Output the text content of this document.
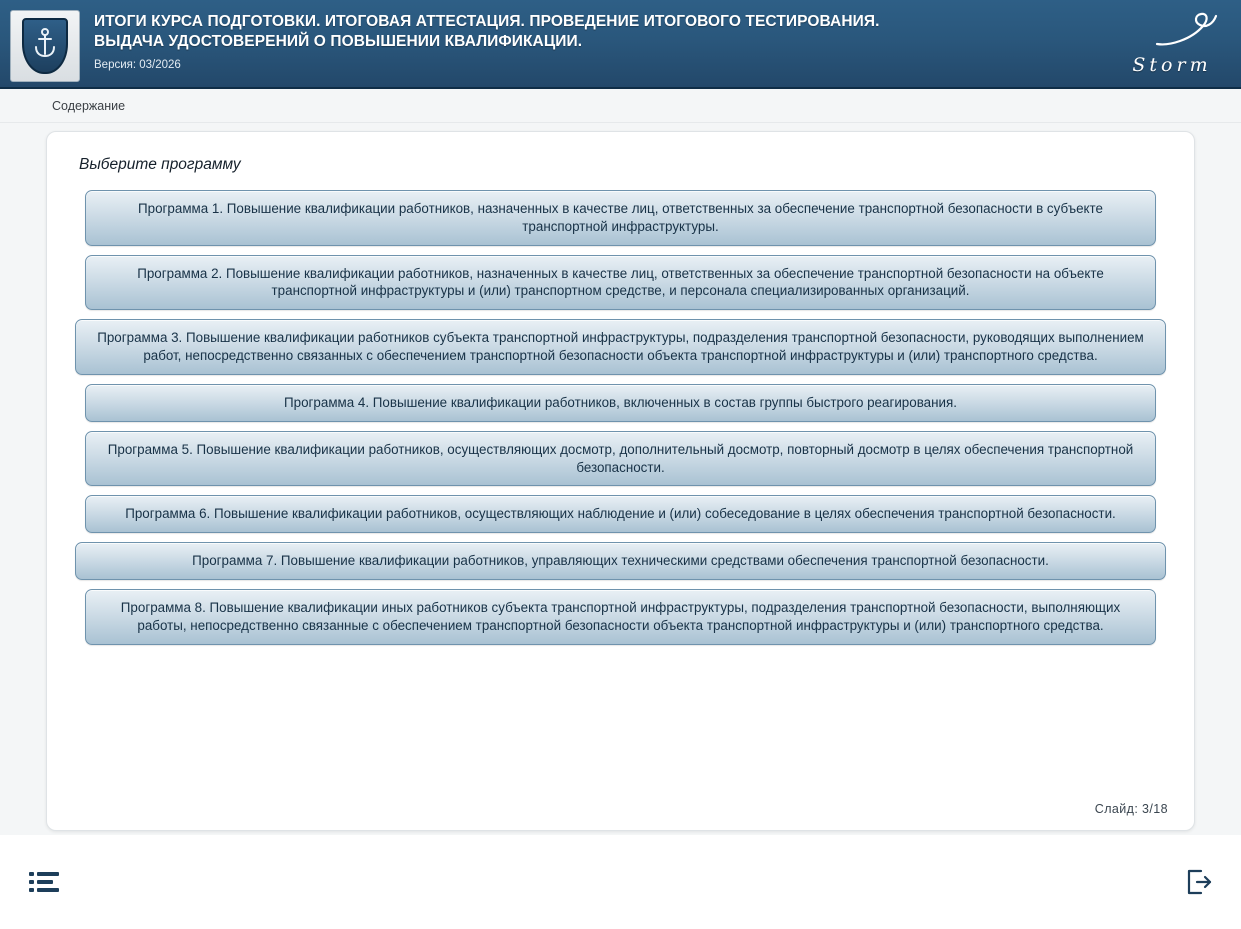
ИТОГИ КУРСА ПОДГОТОВКИ. ИТОГОВАЯ АТТЕСТАЦИЯ. ПРОВЕДЕНИЕ ИТОГОВОГО ТЕСТИРОВАНИЯ.
ВЫДАЧА УДОСТОВЕРЕНИЙ О ПОВЫШЕНИИ КВАЛИФИКАЦИИ.
Версия: 03/2026	Storm
Содержание
Выберите программу
Программа 1. Повышение квалификации работников, назначенных в качестве лиц, ответственных за обеспечение транспортной безопасности в субъекте транспортной инфраструктуры.
Программа 2. Повышение квалификации работников, назначенных в качестве лиц, ответственных за обеспечение транспортной безопасности на объекте транспортной инфраструктуры и (или) транспортном средстве, и персонала специализированных организаций.
Программа 3. Повышение квалификации работников субъекта транспортной инфраструктуры, подразделения транспортной безопасности, руководящих выполнением работ, непосредственно связанных с обеспечением транспортной безопасности объекта транспортной инфраструктуры и (или) транспортного средства.
Программа 4. Повышение квалификации работников, включенных в состав группы быстрого реагирования.
Программа 5. Повышение квалификации работников, осуществляющих досмотр, дополнительный досмотр, повторный досмотр в целях обеспечения транспортной безопасности.
Программа 6. Повышение квалификации работников, осуществляющих наблюдение и (или) собеседование в целях обеспечения транспортной безопасности.
Программа 7. Повышение квалификации работников, управляющих техническими средствами обеспечения транспортной безопасности.
Программа 8. Повышение квалификации иных работников субъекта транспортной инфраструктуры, подразделения транспортной безопасности, выполняющих работы, непосредственно связанные с обеспечением транспортной безопасности объекта транспортной инфраструктуры и (или) транспортного средства.
Слайд: 3/18
